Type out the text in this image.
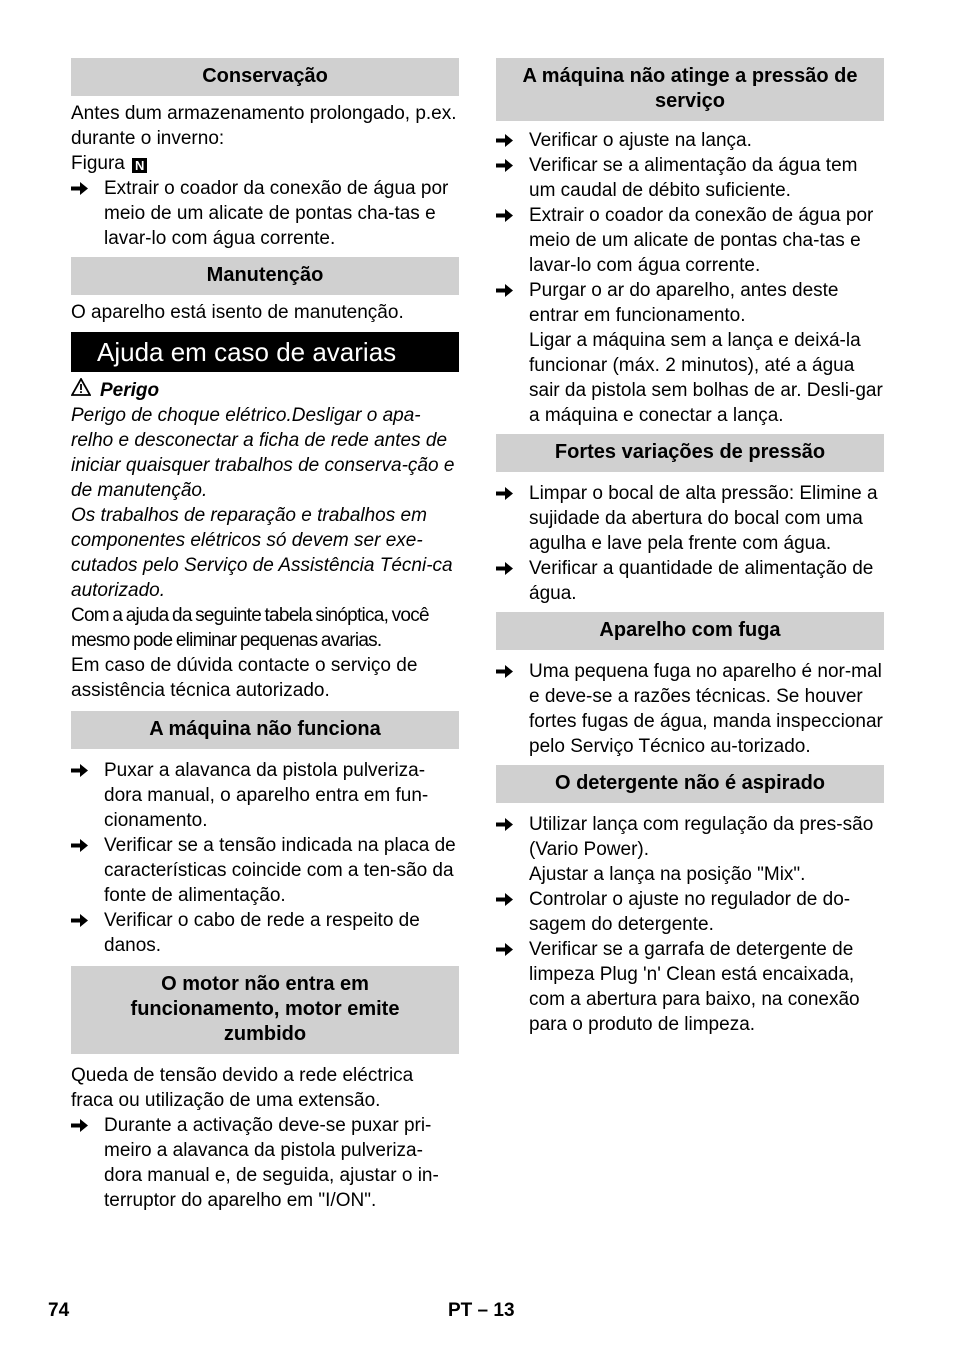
Conservação

Antes dum armazenamento prolongado, p.ex. durante o inverno:

Figura N

Extrair o coador da conexão de água por meio de um alicate de pontas cha-tas e lavar-lo com água corrente.
Manutenção

O aparelho está isento de manutenção.

Ajuda em caso de avarias
Perigo

Perigo de choque elétrico.Desligar o apa-relho e desconectar a ficha de rede antes de iniciar quaisquer trabalhos de conserva-ção e de manutenção.

Os trabalhos de reparação e trabalhos em componentes elétricos só devem ser exe-cutados pelo Serviço de Assistência Técni-ca autorizado.

Com a ajuda da seguinte tabela sinóptica, você mesmo pode eliminar pequenas avarias.

Em caso de dúvida contacte o serviço de assistência técnica autorizado.

A máquina não funciona
Puxar a alavanca da pistola pulveriza-dora manual, o aparelho entra em fun-cionamento.
Verificar se a tensão indicada na placa de características coincide com a ten-são da fonte de alimentação.
Verificar o cabo de rede a respeito de danos.
O motor não entra em funcionamento, motor emite zumbido

Queda de tensão devido a rede eléctrica fraca ou utilização de uma extensão.

Durante a activação deve-se puxar pri-meiro a alavanca da pistola pulveriza-dora manual e, de seguida, ajustar o in-terruptor do aparelho em "I/ON".
A máquina não atinge a pressão de serviço
Verificar o ajuste na lança.
Verificar se a alimentação da água tem um caudal de débito suficiente.
Extrair o coador da conexão de água por meio de um alicate de pontas cha-tas e lavar-lo com água corrente.
Purgar o ar do aparelho, antes deste entrar em funcionamento.

Ligar a máquina sem a lança e deixá-la funcionar (máx. 2 minutos), até a água sair da pistola sem bolhas de ar. Desli-gar a máquina e conectar a lança.

Fortes variações de pressão
Limpar o bocal de alta pressão: Elimine a sujidade da abertura do bocal com uma agulha e lave pela frente com água.
Verificar a quantidade de alimentação de água.
Aparelho com fuga
Uma pequena fuga no aparelho é nor-mal e deve-se a razões técnicas. Se houver fortes fugas de água, manda inspeccionar pelo Serviço Técnico au-torizado.
O detergente não é aspirado
Utilizar lança com regulação da pres-são (Vario Power).

Ajustar a lança na posição "Mix".

Controlar o ajuste no regulador de do-sagem do detergente.
Verificar se a garrafa de detergente de limpeza Plug 'n' Clean está encaixada, com a abertura para baixo, na conexão para o produto de limpeza.
74	PT – 13
